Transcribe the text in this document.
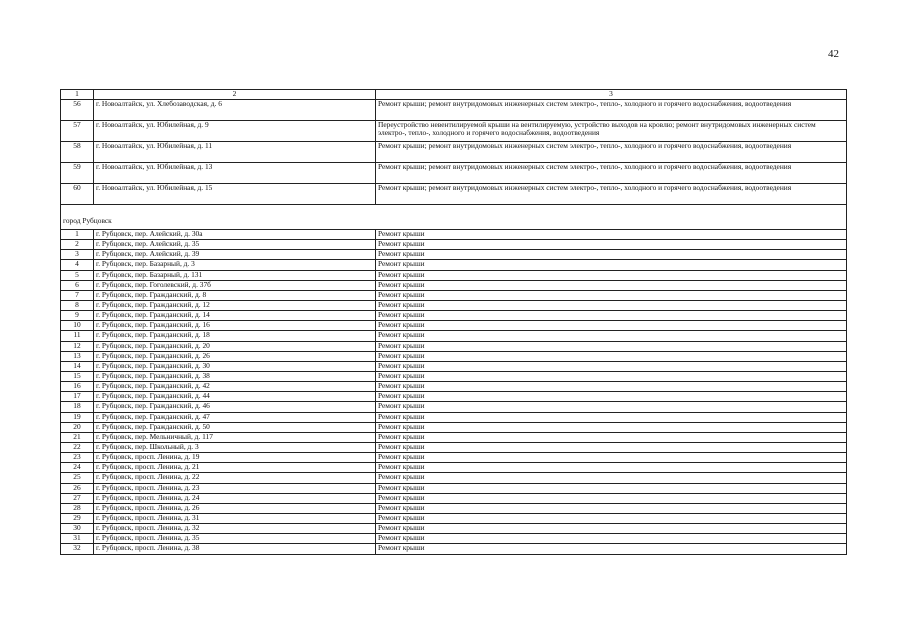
42
1	2	3
56	г. Новоалтайск, ул. Хлебозаводская, д. 6	Ремонт крыши; ремонт внутридомовых инженерных систем электро-, тепло-, холодного и горячего водоснабжения, водоотведения
57	г. Новоалтайск, ул. Юбилейная, д. 9	Переустройство невентилируемой крыши на вентилируемую, устройство выходов на кровлю; ремонт внутридомовых инженерных систем электро-, тепло-, холодного и горячего водоснабжения, водоотведения
58	г. Новоалтайск, ул. Юбилейная, д. 11	Ремонт крыши; ремонт внутридомовых инженерных систем электро-, тепло-, холодного и горячего водоснабжения, водоотведения
59	г. Новоалтайск, ул. Юбилейная, д. 13	Ремонт крыши; ремонт внутридомовых инженерных систем электро-, тепло-, холодного и горячего водоснабжения, водоотведения
60	г. Новоалтайск, ул. Юбилейная, д. 15	Ремонт крыши; ремонт внутридомовых инженерных систем электро-, тепло-, холодного и горячего водоснабжения, водоотведения

город Рубцовск		
1	г. Рубцовск, пер. Алейский, д. 30а	Ремонт крыши
2	г. Рубцовск, пер. Алейский, д. 35	Ремонт крыши
3	г. Рубцовск, пер. Алейский, д. 39	Ремонт крыши
4	г. Рубцовск, пер. Базарный, д. 3	Ремонт крыши
5	г. Рубцовск, пер. Базарный, д. 131	Ремонт крыши
6	г. Рубцовск, пер. Гоголевский, д. 37б	Ремонт крыши
7	г. Рубцовск, пер. Гражданский, д. 8	Ремонт крыши
8	г. Рубцовск, пер. Гражданский, д. 12	Ремонт крыши
9	г. Рубцовск, пер. Гражданский, д. 14	Ремонт крыши
10	г. Рубцовск, пер. Гражданский, д. 16	Ремонт крыши
11	г. Рубцовск, пер. Гражданский, д. 18	Ремонт крыши
12	г. Рубцовск, пер. Гражданский, д. 20	Ремонт крыши
13	г. Рубцовск, пер. Гражданский, д. 26	Ремонт крыши
14	г. Рубцовск, пер. Гражданский, д. 30	Ремонт крыши
15	г. Рубцовск, пер. Гражданский, д. 38	Ремонт крыши
16	г. Рубцовск, пер. Гражданский, д. 42	Ремонт крыши
17	г. Рубцовск, пер. Гражданский, д. 44	Ремонт крыши
18	г. Рубцовск, пер. Гражданский, д. 46	Ремонт крыши
19	г. Рубцовск, пер. Гражданский, д. 47	Ремонт крыши
20	г. Рубцовск, пер. Гражданский, д. 50	Ремонт крыши
21	г. Рубцовск, пер. Мельничный, д. 117	Ремонт крыши
22	г. Рубцовск, пер. Школьный, д. 3	Ремонт крыши
23	г. Рубцовск, просп. Ленина, д. 19	Ремонт крыши
24	г. Рубцовск, просп. Ленина, д. 21	Ремонт крыши
25	г. Рубцовск, просп. Ленина, д. 22	Ремонт крыши
26	г. Рубцовск, просп. Ленина, д. 23	Ремонт крыши
27	г. Рубцовск, просп. Ленина, д. 24	Ремонт крыши
28	г. Рубцовск, просп. Ленина, д. 26	Ремонт крыши
29	г. Рубцовск, просп. Ленина, д. 31	Ремонт крыши
30	г. Рубцовск, просп. Ленина, д. 32	Ремонт крыши
31	г. Рубцовск, просп. Ленина, д. 35	Ремонт крыши
32	г. Рубцовск, просп. Ленина, д. 38	Ремонт крыши
